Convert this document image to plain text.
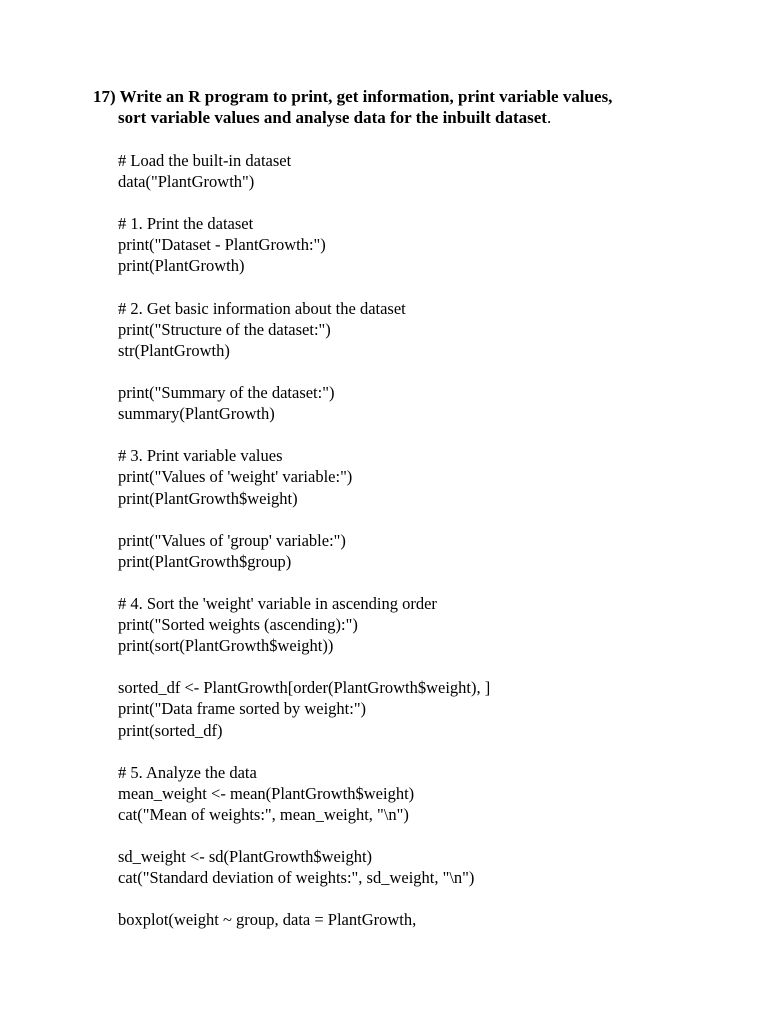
17) Write an R program to print, get information, print variable values,
sort variable values and analyse data for the inbuilt dataset.
# Load the built-in dataset
data("PlantGrowth")
# 1. Print the dataset
print("Dataset - PlantGrowth:")
print(PlantGrowth)
# 2. Get basic information about the dataset
print("Structure of the dataset:")
str(PlantGrowth)
print("Summary of the dataset:")
summary(PlantGrowth)
# 3. Print variable values
print("Values of 'weight' variable:")
print(PlantGrowth$weight)
print("Values of 'group' variable:")
print(PlantGrowth$group)
# 4. Sort the 'weight' variable in ascending order
print("Sorted weights (ascending):")
print(sort(PlantGrowth$weight))
sorted_df <- PlantGrowth[order(PlantGrowth$weight), ]
print("Data frame sorted by weight:")
print(sorted_df)
# 5. Analyze the data
mean_weight <- mean(PlantGrowth$weight)
cat("Mean of weights:", mean_weight, "\n")
sd_weight <- sd(PlantGrowth$weight)
cat("Standard deviation of weights:", sd_weight, "\n")
boxplot(weight ~ group, data = PlantGrowth,
